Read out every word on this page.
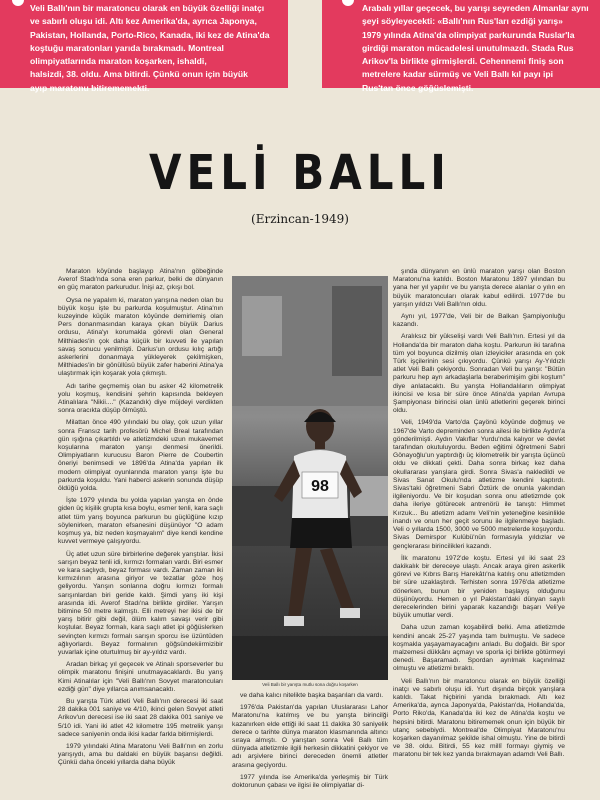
Veli Ballı'nın bir maratoncu olarak en büyük özelliği inatçı

ve sabırlı oluşu idi. Altı kez Amerika'da, ayrıca Japonya,

Pakistan, Hollanda, Porto-Rico, Kanada, iki kez de Atina'da

koştuğu maratonları yarıda bırakmadı. Montreal

olimpiyatlarında maraton koşarken, ishaldi,

halsizdi, 38. oldu. Ama bitirdi. Çünkü onun için büyük

ayıp maratonu bitirememekti.

Arabalı yıllar geçecek, bu yarışı seyreden Almanlar aynı

şeyi söyleyecekti: «Ballı'nın Rus'ları ezdiği yarış»

1979 yılında Atina'da olimpiyat parkurunda Ruslar'la

girdiği maraton mücadelesi unutulmazdı. Stada Rus

Arikov'la birlikte girmişlerdi. Cehennemi finiş son

metrelere kadar sürmüş ve Veli Ballı kıl payı ipi

Rus'tan önce göğüslemişti.

VELİ BALLI

(Erzincan-1949)

Maraton köyünde başlayıp Atina'nın göbeğinde Averof Stadı'nda sona eren parkur, belki de dünyanın en güç maraton parkurudur. İnişi az, çıkışı bol.

Oysa ne yapalım ki, maraton yarışına neden olan bu büyük koşu işte bu parkurda koşulmuştur. Atina'nın kuzeyinde küçük maraton köyünde demirlemiş olan Pers donanmasından karaya çıkan büyük Darius ordusu, Atina'yı korumakla görevli olan General Milthiades'in çok daha küçük bir kuvveti ile yapılan savaş sonucu yenilmişti. Darius'un ordusu kılıç artığı askerlerini donanmaya yükleyerek çekilmişken, Milthiades'in bir gönüllüsü büyük zafer haberini Atina'ya ulaştırmak için koşarak yola çıkmıştı.

Adı tarihe geçmemiş olan bu asker 42 kilometrelik yolu koşmuş, kendisini şehrin kapısında bekleyen Atinalılara "Nikii...." (Kazandık) diye müjdeyi verdikten sonra oracıkta düşüp ölmüştü.

Milattan önce 490 yılındaki bu olay, çok uzun yıllar sonra Fransız tarih profesörü Michel Breal tarafından gün ışığına çıkartıldı ve atletizmdeki uzun mukavemet koşularına maraton yarışı denmesi önerildi. Olimpiyatların kurucusu Baron Pierre de Coubertin öneriyi benimsedi ve 1896'da Atina'da yapılan ilk modern olimpiyat oyunlarında maraton yarışı işte bu parkurda koşuldu. Yani haberci askerin sonunda düşüp öldüğü yolda.

İşte 1979 yılında bu yolda yapılan yarışta en önde giden üç kişilik grupta kısa boylu, esmer tenli, kara saçlı atlet tüm yarış boyunca parkurun bu güçlüğüne kızıp söylenirken, maraton efsanesini düşünüyor "O adam koşmuş ya, biz neden koşmayalım" diye kendi kendine kuvvet vermeye çalışıyordu.

Üç atlet uzun süre birbirlerine değerek yarıştılar. İkisi sarışın beyaz tenli idi, kırmızı formaları vardı. Biri esmer ve kara saçlıydı, beyaz forması vardı. Zaman zaman iki kırmızılının arasına giriyor ve tezatlar göze hoş geliyordu. Yarışın sonlarına doğru kırmızı formalı sarışınlardan biri geride kaldı. Şimdi yarış iki kişi arasında idi. Averof Stadı'na birlikte girdiler. Yarışın bitimine 50 metre kalmıştı. Elli metreyi her ikisi de bir yarış bitirir gibi değil, ölüm kalım savaşı verir gibi koştular. Beyaz formalı, kara saçlı atlet ipi göğüslerken sevinçten kırmızı formalı sarışın sporcu ise üzüntüden ağlıyorlardı. Beyaz formalının göğsündekiirmizibir yuvarlak içine oturtulmuş bir ay-yıldız vardı.

Aradan birkaç yıl geçecek ve Atinalı sporseverler bu olimpik maratonu finişini unutmayacaklardı. Bu yarış Kimi Atinalılar için "Veli Ballı'nın Sovyet maratoncuları ezdiği gün" diye yıllarca anımsanacaktı.

Bu yarışta Türk atleti Veli Ballı'nın derecesi iki saat 28 dakika 001 saniye ve 4/10, ikinci gelen Sovyet atleti Arikov'un derecesi ise iki saat 28 dakika 001 saniye ve 5/10 idi. Yani iki atlet 42 kilometre 195 metrelik yarışı sadece saniyenin onda ikisi kadar farkla bitirmişlerdi.

1979 yılındaki Atina Maratonu Veli Ballı'nın en zorlu yarışıydı, ama bu daldaki en büyük başarısı değildi. Çünkü daha önceki yıllarda daha büyük

98

Veli Ballı bir yarışta mutlu sona doğru koşarken

ve daha kalıcı nitelikte başka başarıları da vardı.

1976'da Pakistan'da yapılan Uluslararası Lahor Maratonu'na katılmış ve bu yarışta birincilği kazanırken elde ettiği iki saat 11 dakika 30 saniyelik derece o tarihte dünya maraton klasmanında altıncı sıraya almıştı. O yarıştan sonra Veli Ballı tüm dünyada atletizmle ilgili herkesin dikkatini çekiyor ve adı arşivlere birinci dereceden önemli atletler arasına geçiyordu.

1977 yılında ise Amerika'da yerleşmiş bir Türk doktorunun çabası ve ilgisi ile olimpiyatlar di-

şında dünyanın en ünlü maraton yarışı olan Boston Maratonu'na katıldı. Boston Maratonu 1897 yılından bu yana her yıl yapılır ve bu yarışta derece alanlar o yılın en büyük maratoncuları olarak kabul edilirdi. 1977'de bu yarışın yıldızı Veli Ballı'nın oldu.

Aynı yıl, 1977'de, Veli bir de Balkan Şampiyonluğu kazandı.

Aralıksız bir yükselişi vardı Veli Ballı'nın. Ertesi yıl da Hollanda'da bir maraton daha koştu. Parkurun iki tarafına tüm yol boyunca dizilmiş olan izleyiciler arasında en çok Türk işçilerinin sesi çıkıyordu. Çünkü yarışı Ay-Yıldızlı atlet Veli Ballı çekiyordu. Sonradan Veli bu yarışı: "Bütün parkuru hep ayrı arkadaşlarla beraberimişim gibi koştum" diye anlatacaktı. Bu yarışta Hollandalıların olimpiyat ikincisi ve kısa bir süre önce Atina'da yapılan Avrupa Şampiyonası birincisi olan ünlü atletlerini geçerek birinci oldu.

Veli, 1949'da Varto'da Çayönü köyünde doğmuş ve 1967'de Varto depreminden sonra ailesi ile birlikte Aydın'a gönderilmişti. Aydın Vakıflar Yurdu'nda kalıyor ve devlet tarafından okutuluyordu. Beden eğitimi öğretmeni Sabri Gönayoğlu'un yaptırdığı üç kilometrelik bir yarışta üçüncü oldu ve dikkati çekti. Daha sonra birkaç kez daha okullararası yarışlara girdi. Sonra Sivas'a nakledildi ve Sivas Sanat Okulu'nda atletizme kendini kaptırdı. Sivas'taki öğretmeni Sabri Öztürk de onunla yakından ilgileniyordu. Ve bir koşudan sonra onu atletizmde çok daha ileriye götürecek antrenörü ile tanıştı: Himmet Kırzuk... Bu atletizm adamı Veli'nin yeteneğine kesinlikle inandı ve onun her geçit sorunu ile ilgilenmeye başladı. Veli o yıllarda 1500, 3000 ve 5000 metrelerde koşuyordu. Sivas Demirspor Kulübü'nün formasıyla yıldızlar ve gençlerarası birincilikleri kazandı.

İlk maratonu 1972'de koştu. Ertesi yıl iki saat 23 dakikalık bir dereceye ulaştı. Ancak araya giren askerlik görevi ve Kıbrıs Barış Harekâtı'na katılış onu atletizmden bir süre uzaklaştırdı. Terhisten sonra 1976'da atletizme dönerken, bunun bir yeniden başlayış olduğunu düşünüyordu. Hemen o yıl Pakistan'daki dünyan sayılı derecelerinden birini yaparak kazandığı başarı Veli'ye büyük umutlar verdi.

Daha uzun zaman koşabilirdi belki. Ama atletizmde kendini ancak 25-27 yaşında tam bulmuştu. Ve sadece koşmakla yaşayamayacağını anladı. Bu doğaldı. Bir spor malzemesi dükkânı açmayı ve sporla içi birlikte götürmeyi denedi. Başaramadı. Spordan ayrılmak kaçınılmaz olmuştu ve atletizmi bıraktı.

Veli Ballı'nın bir maratoncu olarak en büyük özelliği inatçı ve sabırlı oluşu idi. Yurt dışında birçok yarışlara katıldı. Takat hiçbirini yarıda bırakmadı. Altı kez Amerika'da, ayrıca Japonya'da, Pakistan'da, Hollanda'da, Porto Riko'da, Kanada'da iki kez de Atina'da koştu ve hepsini bitirdi. Maratonu bitirememek onun için büyük bir utanç sebebiydi. Montreal'de Olimpiyat Maratonu'nu koşarken dayanılmaz şekilde ishal olmuştu. Yine de bitirdi ve 38. oldu. Bitirdi, 55 kez millî formayı giymiş ve maratonu bir tek kez yarıda bırakmayan adamdı Veli Ballı.
